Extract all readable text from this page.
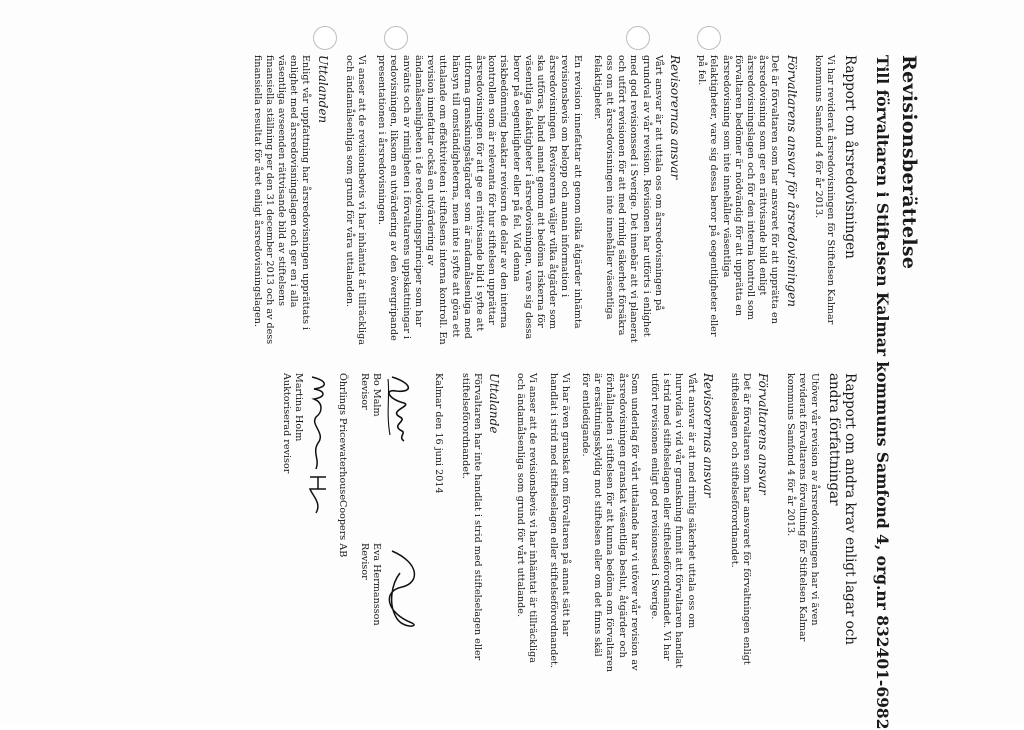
Revisionsberättelse
Till förvaltaren i Stiftelsen Kalmar kommuns Samfond 4, org.nr 832401-6982
Rapport om årsredovisningen

Vi har reviderat årsredovisningen för Stiftelsen Kalmar kommuns Samfond 4 för år 2013.

Förvaltarens ansvar för årsredovisningen

Det är förvaltaren som har ansvaret för att upprätta en årsredovisning som ger en rättvisande bild enligt årsredovisningslagen och för den interna kontroll som förvaltaren bedömer är nödvändig för att upprätta en årsredovisning som inte innehåller väsentliga felaktigheter, vare sig dessa beror på oegentligheter eller på fel.

Revisorernas ansvar

Vårt ansvar är att uttala oss om årsredovisningen på grundval av vår revision. Revisionen har utförts i enlighet med god revisionssed i Sverige. Det innebär att vi planerat och utfört revisionen för att med rimlig säkerhet försäkra oss om att årsredovisningen inte innehåller väsentliga felaktigheter.

En revision innefattar att genom olika åtgärder inhämta revisionsbevis om belopp och annan information i årsredovisningen. Revisorerna väljer vilka åtgärder som ska utföras, bland annat genom att bedöma riskerna för väsentliga felaktigheter i årsredovisningen, vare sig dessa beror på oegentligheter eller på fel. Vid denna riskbedömning beaktar revisorn de delar av den interna kontrollen som är relevanta för hur stiftelsen upprättar årsredovisningen för att ge en rättvisande bild i syfte att utforma granskningsåtgärder som är ändamålsenliga med hänsyn till omständigheterna, men inte i syfte att göra ett uttalande om effektiviteten i stiftelsens interna kontroll. En revision innefattar också en utvärdering av ändamålsenligheten i de redovisningsprinciper som har använts och av rimligheten i förvaltarens uppskattningar i redovisningen, liksom en utvärdering av den övergripande presentationen i årsredovisningen.

Vi anser att de revisionsbevis vi har inhämtat är tillräckliga och ändamålsenliga som grund för våra uttalanden.

Uttalanden

Enligt vår uppfattning har årsredovisningen upprättats i enlighet med årsredovisningslagen och ger en i alla väsentliga avseenden rättvisande bild av stiftelsens finansiella ställning per den 31 december 2013 och av dess finansiella resultat för året enligt årsredovisningslagen.

Rapport om andra krav enligt lagar och andra författningar

Utöver vår revision av årsredovisningen har vi även reviderat förvaltarens förvaltning för Stiftelsen Kalmar kommuns Samfond 4 för år 2013.

Förvaltarens ansvar

Det är förvaltaren som har ansvaret för förvaltningen enligt stiftelselagen och stiftelseförordnandet.

Revisorernas ansvar

Vårt ansvar är att med rimlig säkerhet uttala oss om huruvida vi vid vår granskning funnit att förvaltaren handlat i strid med stiftelselagen eller stiftelseförordnandet. Vi har utfört revisionen enligt god revisionssed i Sverige.

Som underlag för vårt uttalande har vi utöver vår revision av årsredovisningen granskat väsentliga beslut, åtgärder och förhållanden i stiftelsen för att kunna bedöma om förvaltaren är ersättningsskyldig mot stiftelsen eller om det finns skäl för entledigande.

Vi har även granskat om förvaltaren på annat sätt har handlat i strid med stiftelselagen eller stiftelseförordnandet.

Vi anser att de revisionsbevis vi har inhämtat är tillräckliga och ändamålsenliga som grund för vårt uttalande.

Uttalande

Förvaltaren har inte handlat i strid med stiftelselagen eller stiftelseförordnandet.

Kalmar den 16 juni 2014

Bo Malm
Revisor
Eva Hermansson
Revisor
Öhrlings PricewaterhouseCoopers AB
Martina Holm
Auktoriserad revisor
